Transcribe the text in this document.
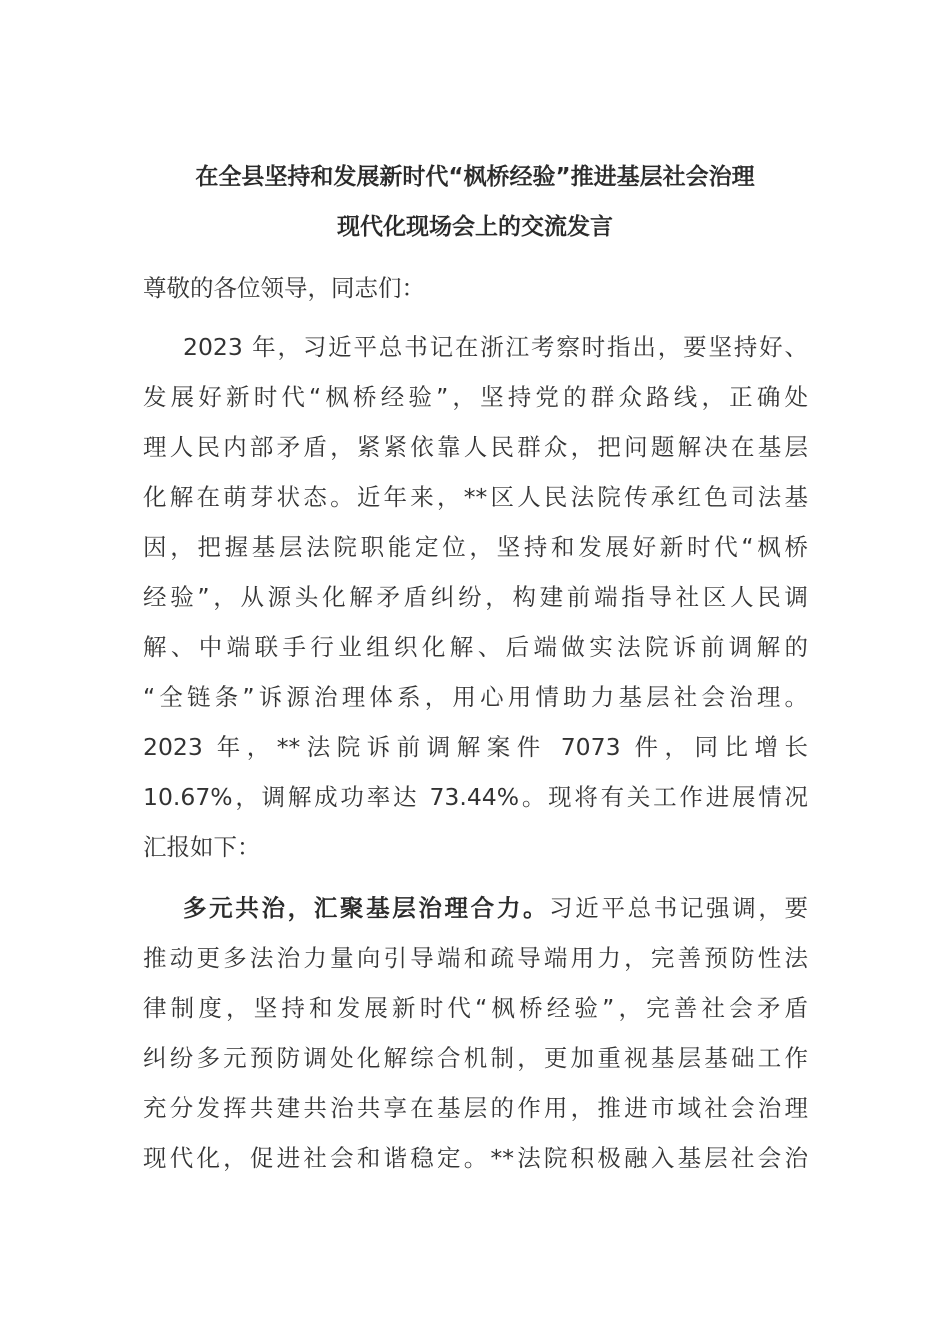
在全县坚持和发展新时代“枫桥经验”推进基层社会治理
现代化现场会上的交流发言
尊敬的各位领导，同志们：
2023 年，习近平总书记在浙江考察时指出，要坚持好、
发展好新时代“枫桥经验”，坚持党的群众路线，正确处
理人民内部矛盾，紧紧依靠人民群众，把问题解决在基层
化解在萌芽状态。近年来，**区人民法院传承红色司法基
因，把握基层法院职能定位，坚持和发展好新时代“枫桥
经验”，从源头化解矛盾纠纷，构建前端指导社区人民调
解、中端联手行业组织化解、后端做实法院诉前调解的
“全链条”诉源治理体系，用心用情助力基层社会治理。
2023 年，**法院诉前调解案件 7073 件，同比增长
10.67%，调解成功率达 73.44%。现将有关工作进展情况
汇报如下：
多元共治，汇聚基层治理合力。习近平总书记强调，要
推动更多法治力量向引导端和疏导端用力，完善预防性法
律制度，坚持和发展新时代“枫桥经验”，完善社会矛盾
纠纷多元预防调处化解综合机制，更加重视基层基础工作
充分发挥共建共治共享在基层的作用，推进市域社会治理
现代化，促进社会和谐稳定。**法院积极融入基层社会治
